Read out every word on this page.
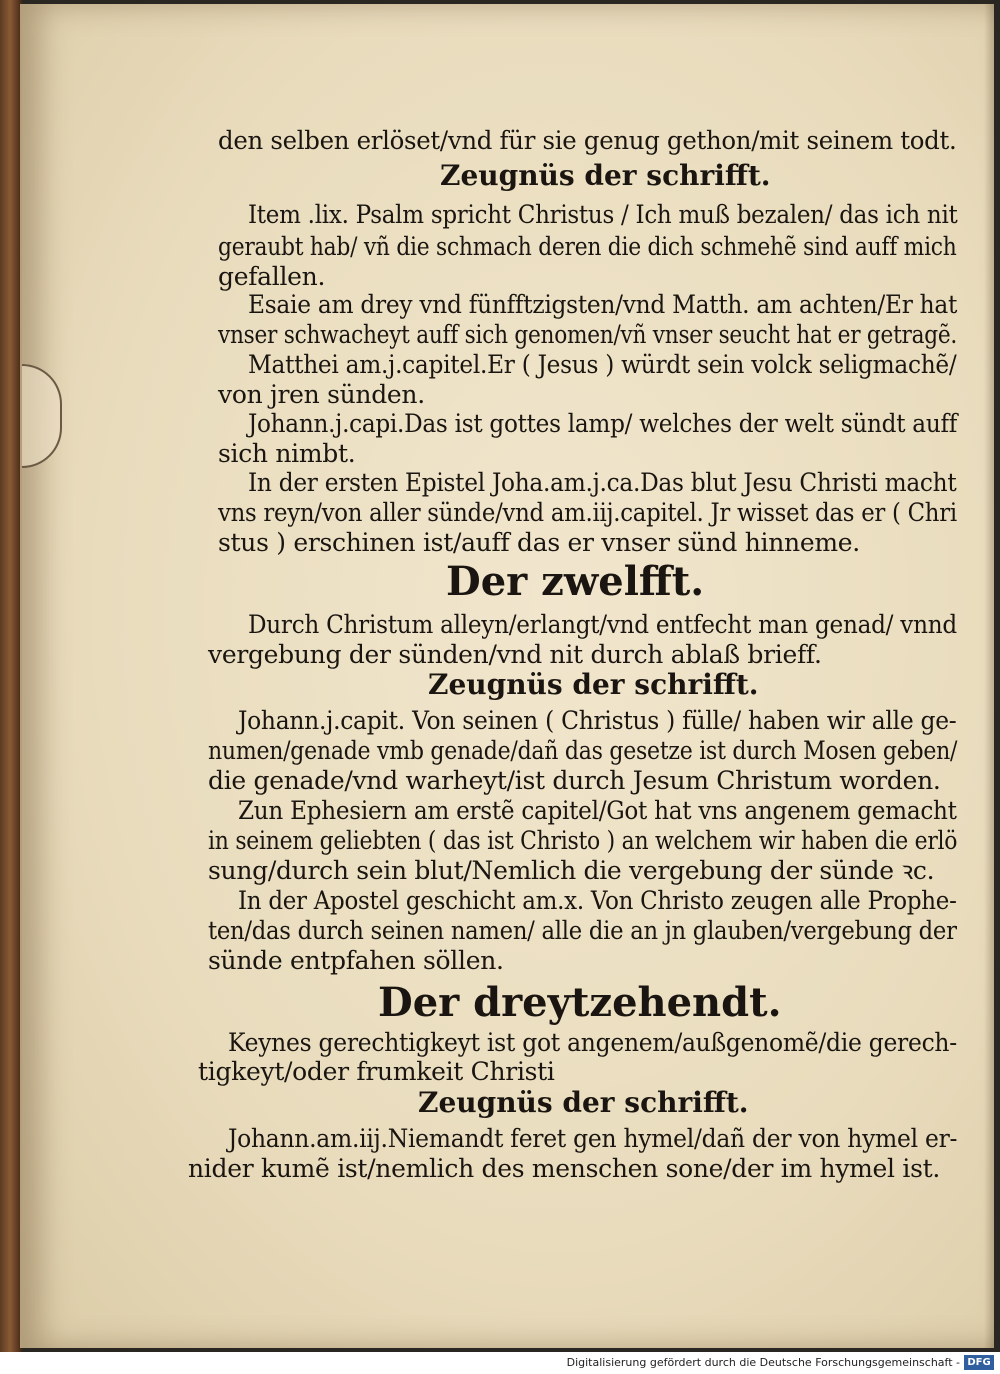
den selben erlöset/vnd für sie genug gethon/mit seinem todt.
Zeugnüs der schrifft.
Item .lix. Psalm spricht Christus / Ich muß bezalen/ das ich nit
geraubt hab/ vñ die schmach deren die dich schmehẽ sind auff mich
gefallen.
Esaie am drey vnd fünfftzigsten/vnd Matth. am achten/Er hat
vnser schwacheyt auff sich genomen/vñ vnser seucht hat er getragẽ.
Matthei am.j.capitel.Er ( Jesus ) würdt sein volck seligmachẽ/
von jren sünden.
Johann.j.capi.Das ist gottes lamp/ welches der welt sündt auff
sich nimbt.
In der ersten Epistel Joha.am.j.ca.Das blut Jesu Christi macht
vns reyn/von aller sünde/vnd am.iij.capitel. Jr wisset das er ( Chri
stus ) erschinen ist/auff das er vnser sünd hinneme.
Der zwelfft.
Durch Christum alleyn/erlangt/vnd entfecht man genad/ vnnd
vergebung der sünden/vnd nit durch ablaß brieff.
Zeugnüs der schrifft.
Johann.j.capit. Von seinen ( Christus ) fülle/ haben wir alle ge-
numen/genade vmb genade/dañ das gesetze ist durch Mosen geben/
die genade/vnd warheyt/ist durch Jesum Christum worden.
Zun Ephesiern am erstẽ capitel/Got hat vns angenem gemacht
in seinem geliebten ( das ist Christo ) an welchem wir haben die erlö
sung/durch sein blut/Nemlich die vergebung der sünde ꝛc.
In der Apostel geschicht am.x. Von Christo zeugen alle Prophe-
ten/das durch seinen namen/ alle die an jn glauben/vergebung der
sünde entpfahen söllen.
Der dreytzehendt.
Keynes gerechtigkeyt ist got angenem/außgenomẽ/die gerech-
tigkeyt/oder frumkeit Christi
Zeugnüs der schrifft.
Johann.am.iij.Niemandt feret gen hymel/dañ der von hymel er-
nider kumẽ ist/nemlich des menschen sone/der im hymel ist.
Digitalisierung gefördert durch die Deutsche Forschungsgemeinschaft - DFG
